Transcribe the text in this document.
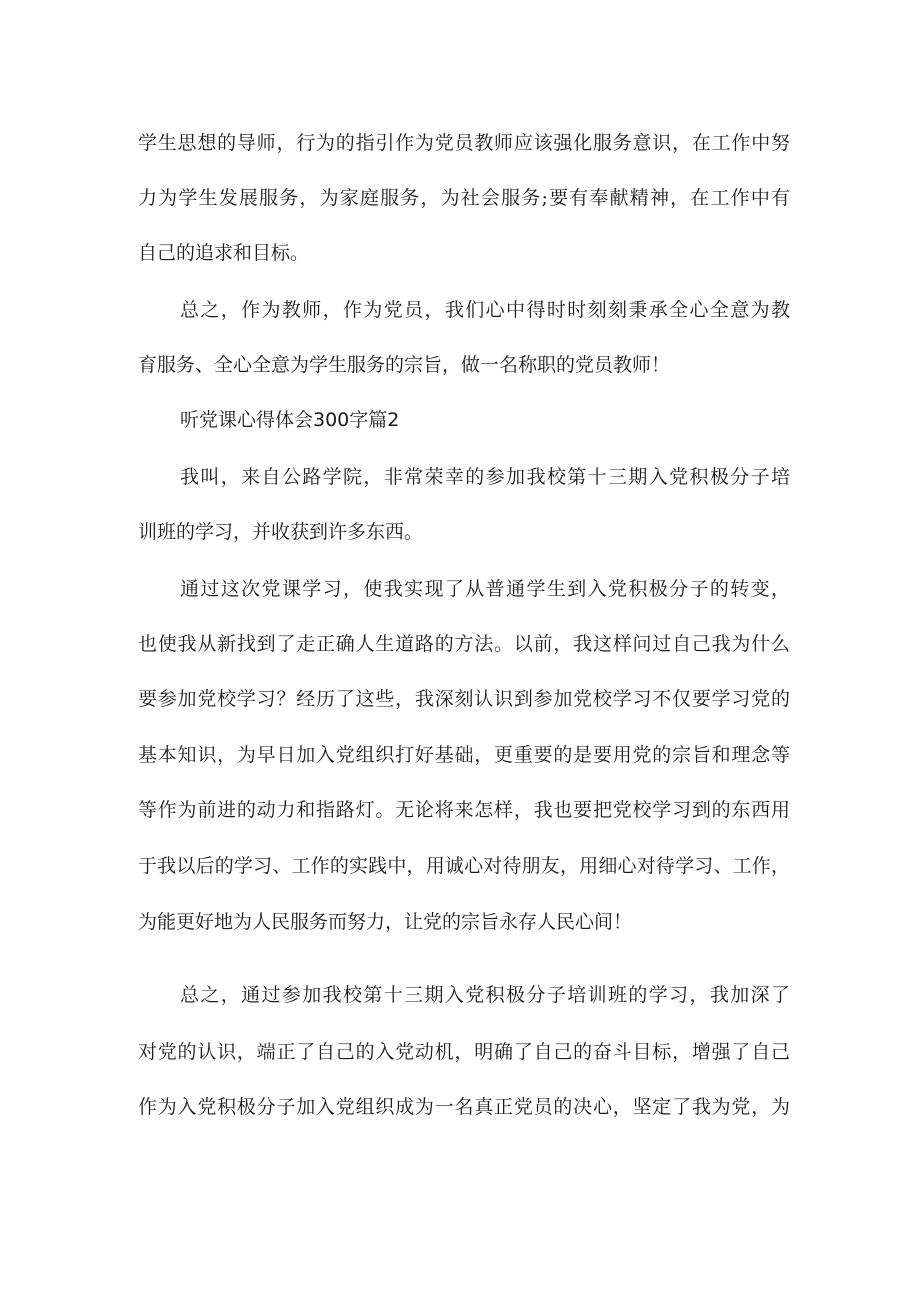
学生思想的导师，行为的指引作为党员教师应该强化服务意识，在工作中努
力为学生发展服务，为家庭服务，为社会服务;要有奉献精神，在工作中有
自己的追求和目标。
总之，作为教师，作为党员，我们心中得时时刻刻秉承全心全意为教
育服务、全心全意为学生服务的宗旨，做一名称职的党员教师！
听党课心得体会300字篇2
我叫，来自公路学院，非常荣幸的参加我校第十三期入党积极分子培
训班的学习，并收获到许多东西。
通过这次党课学习，使我实现了从普通学生到入党积极分子的转变，
也使我从新找到了走正确人生道路的方法。以前，我这样问过自己我为什么
要参加党校学习？经历了这些，我深刻认识到参加党校学习不仅要学习党的
基本知识，为早日加入党组织打好基础，更重要的是要用党的宗旨和理念等
等作为前进的动力和指路灯。无论将来怎样，我也要把党校学习到的东西用
于我以后的学习、工作的实践中，用诚心对待朋友，用细心对待学习、工作，
为能更好地为人民服务而努力，让党的宗旨永存人民心间！
总之，通过参加我校第十三期入党积极分子培训班的学习，我加深了
对党的认识，端正了自己的入党动机，明确了自己的奋斗目标，增强了自己
作为入党积极分子加入党组织成为一名真正党员的决心，坚定了我为党，为
